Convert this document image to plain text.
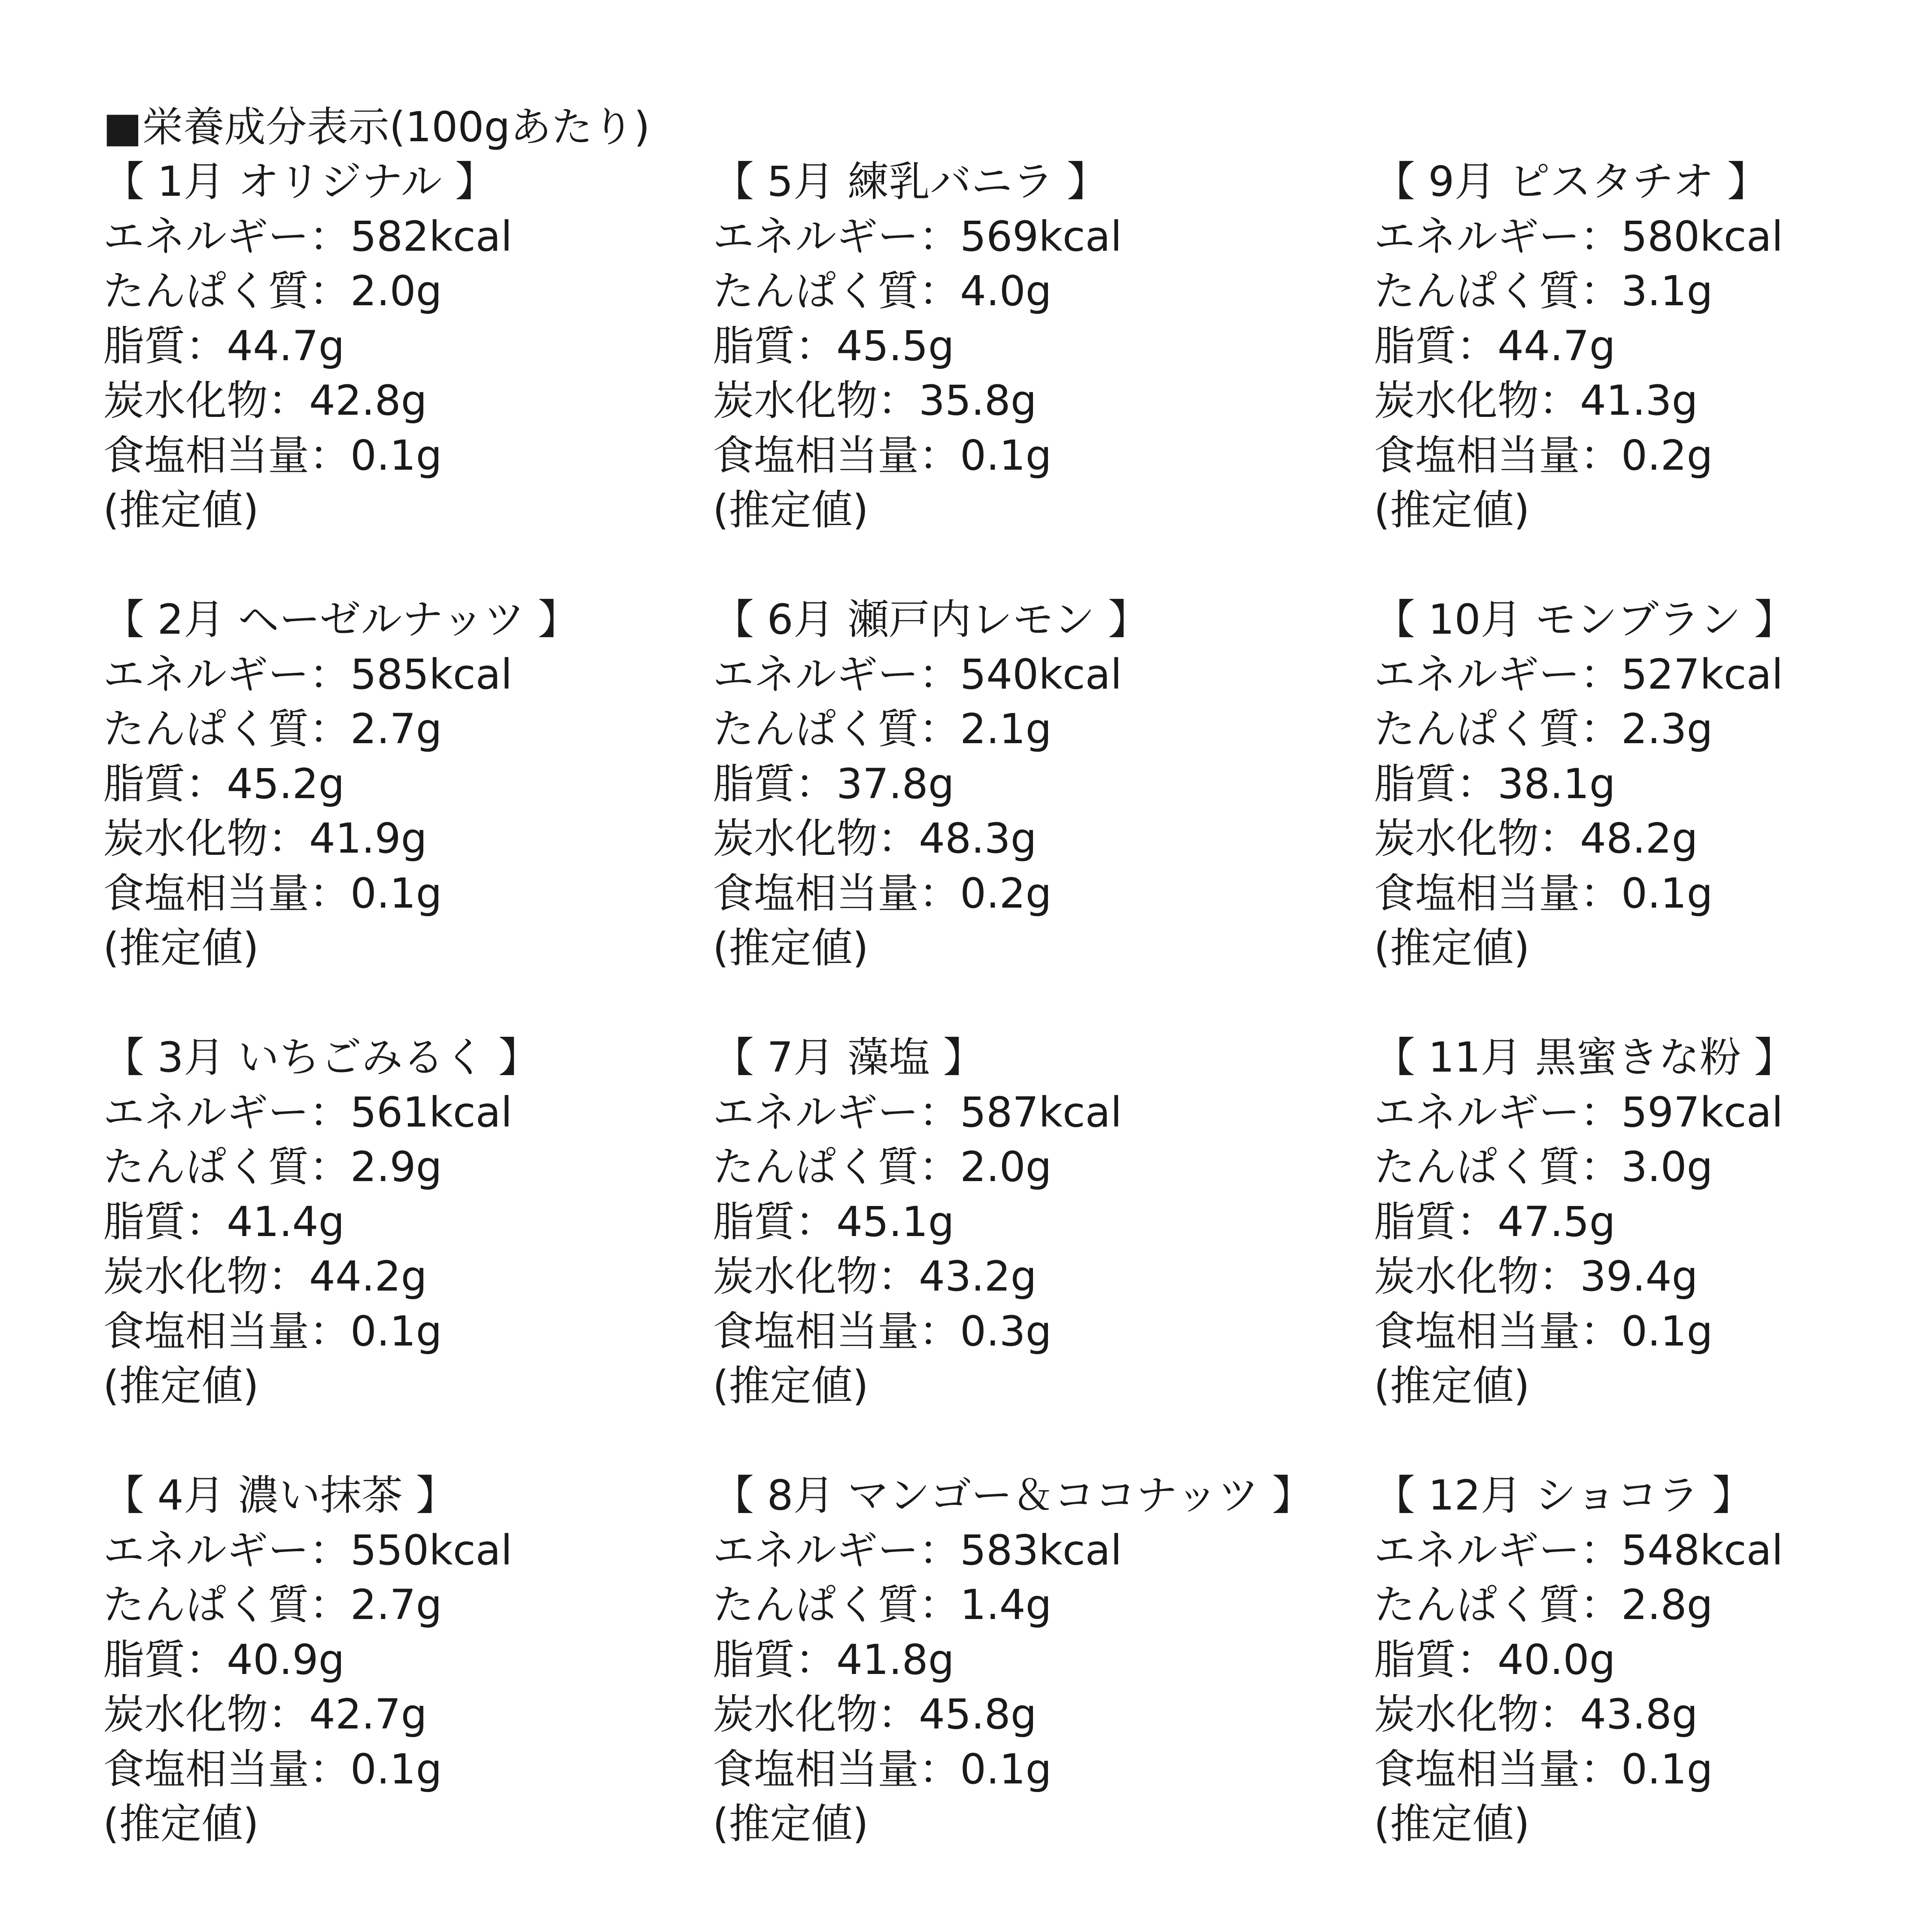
■栄養成分表示(100gあたり)
【 1月 オリジナル 】
エネルギー：582kcal
たんぱく質：2.0g
脂質：44.7g
炭水化物：42.8g
食塩相当量：0.1g
(推定値)
【 2月 ヘーゼルナッツ 】
エネルギー：585kcal
たんぱく質：2.7g
脂質：45.2g
炭水化物：41.9g
食塩相当量：0.1g
(推定値)
【 3月 いちごみるく 】
エネルギー：561kcal
たんぱく質：2.9g
脂質：41.4g
炭水化物：44.2g
食塩相当量：0.1g
(推定値)
【 4月 濃い抹茶 】
エネルギー：550kcal
たんぱく質：2.7g
脂質：40.9g
炭水化物：42.7g
食塩相当量：0.1g
(推定値)
【 5月 練乳バニラ 】
エネルギー：569kcal
たんぱく質：4.0g
脂質：45.5g
炭水化物：35.8g
食塩相当量：0.1g
(推定値)
【 6月 瀬戸内レモン 】
エネルギー：540kcal
たんぱく質：2.1g
脂質：37.8g
炭水化物：48.3g
食塩相当量：0.2g
(推定値)
【 7月 藻塩 】
エネルギー：587kcal
たんぱく質：2.0g
脂質：45.1g
炭水化物：43.2g
食塩相当量：0.3g
(推定値)
【 8月 マンゴー＆ココナッツ 】
エネルギー：583kcal
たんぱく質：1.4g
脂質：41.8g
炭水化物：45.8g
食塩相当量：0.1g
(推定値)
【 9月 ピスタチオ 】
エネルギー：580kcal
たんぱく質：3.1g
脂質：44.7g
炭水化物：41.3g
食塩相当量：0.2g
(推定値)
【 10月 モンブラン 】
エネルギー：527kcal
たんぱく質：2.3g
脂質：38.1g
炭水化物：48.2g
食塩相当量：0.1g
(推定値)
【 11月 黒蜜きな粉 】
エネルギー：597kcal
たんぱく質：3.0g
脂質：47.5g
炭水化物：39.4g
食塩相当量：0.1g
(推定値)
【 12月 ショコラ 】
エネルギー：548kcal
たんぱく質：2.8g
脂質：40.0g
炭水化物：43.8g
食塩相当量：0.1g
(推定値)
